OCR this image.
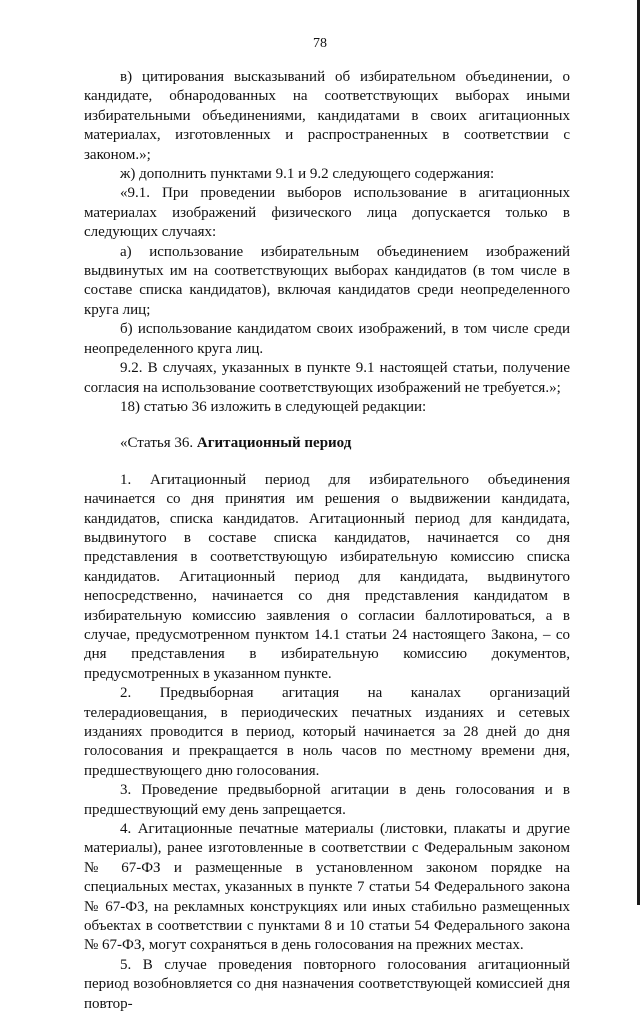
78

в) цитирования высказываний об избирательном объединении, о кандидате, обнародованных на соответствующих выборах иными избирательными объединениями, кандидатами в своих агитационных материалах, изготовленных и распространенных в соответствии с законом.»;

ж) дополнить пунктами 9.1 и 9.2 следующего содержания:

«9.1. При проведении выборов использование в агитационных материалах изображений физического лица допускается только в следующих случаях:

а) использование избирательным объединением изображений выдвинутых им на соответствующих выборах кандидатов (в том числе в составе списка кандидатов), включая кандидатов среди неопределенного круга лиц;

б) использование кандидатом своих изображений, в том числе среди неопределенного круга лиц.

9.2. В случаях, указанных в пункте 9.1 настоящей статьи, получение согласия на использование соответствующих изображений не требуется.»;

18) статью 36 изложить в следующей редакции:

«Статья 36. Агитационный период

1. Агитационный период для избирательного объединения начинается со дня принятия им решения о выдвижении кандидата, кандидатов, списка кандидатов. Агитационный период для кандидата, выдвинутого в составе списка кандидатов, начинается со дня представления в соответствующую избирательную комиссию списка кандидатов. Агитационный период для кандидата, выдвинутого непосредственно, начинается со дня представления кандидатом в избирательную комиссию заявления о согласии баллотироваться, а в случае, предусмотренном пунктом 14.1 статьи 24 настоящего Закона, – со дня представления в избирательную комиссию документов, предусмотренных в указанном пункте.

2. Предвыборная агитация на каналах организаций телерадиовещания, в периодических печатных изданиях и сетевых изданиях проводится в период, который начинается за 28 дней до дня голосования и прекращается в ноль часов по местному времени дня, предшествующего дню голосования.

3. Проведение предвыборной агитации в день голосования и в предшествующий ему день запрещается.

4. Агитационные печатные материалы (листовки, плакаты и другие материалы), ранее изготовленные в соответствии с Федеральным законом № 67-ФЗ и размещенные в установленном законом порядке на специальных местах, указанных в пункте 7 статьи 54 Федерального закона № 67-ФЗ, на рекламных конструкциях или иных стабильно размещенных объектах в соответствии с пунктами 8 и 10 статьи 54 Федерального закона № 67-ФЗ, могут сохраняться в день голосования на прежних местах.

5. В случае проведения повторного голосования агитационный период возобновляется со дня назначения соответствующей комиссией дня повтор-
